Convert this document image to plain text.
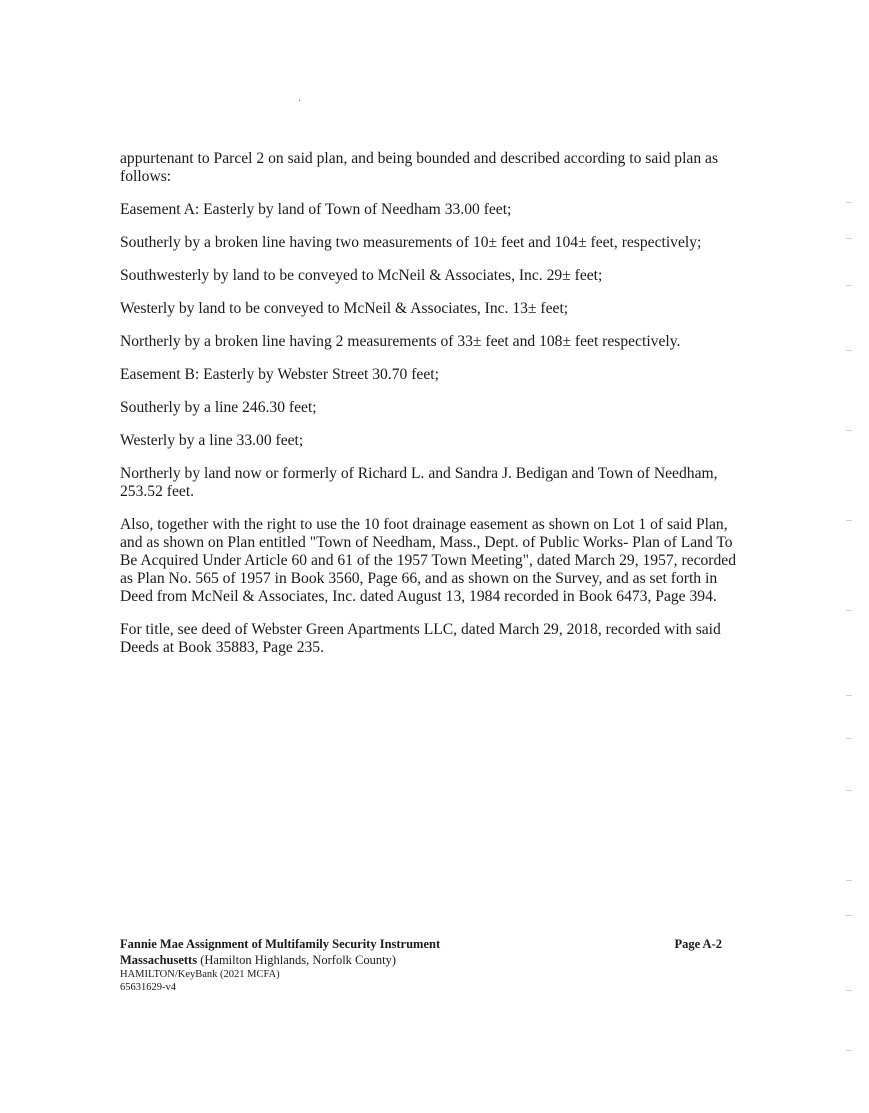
appurtenant to Parcel 2 on said plan, and being bounded and described according to said plan as follows:

Easement A: Easterly by land of Town of Needham 33.00 feet;

Southerly by a broken line having two measurements of 10± feet and 104± feet, respectively;

Southwesterly by land to be conveyed to McNeil & Associates, Inc. 29± feet;

Westerly by land to be conveyed to McNeil & Associates, Inc. 13± feet;

Northerly by a broken line having 2 measurements of 33± feet and 108± feet respectively.

Easement B: Easterly by Webster Street 30.70 feet;

Southerly by a line 246.30 feet;

Westerly by a line 33.00 feet;

Northerly by land now or formerly of Richard L. and Sandra J. Bedigan and Town of Needham, 253.52 feet.

Also, together with the right to use the 10 foot drainage easement as shown on Lot 1 of said Plan, and as shown on Plan entitled "Town of Needham, Mass., Dept. of Public Works- Plan of Land To Be Acquired Under Article 60 and 61 of the 1957 Town Meeting", dated March 29, 1957, recorded as Plan No. 565 of 1957 in Book 3560, Page 66, and as shown on the Survey, and as set forth in Deed from McNeil & Associates, Inc. dated August 13, 1984 recorded in Book 6473, Page 394.

For title, see deed of Webster Green Apartments LLC, dated March 29, 2018, recorded with said Deeds at Book 35883, Page 235.

Fannie Mae Assignment of Multifamily Security Instrument	Page A-2
Massachusetts (Hamilton Highlands, Norfolk County)
HAMILTON/KeyBank (2021 MCFA)
65631629-v4
